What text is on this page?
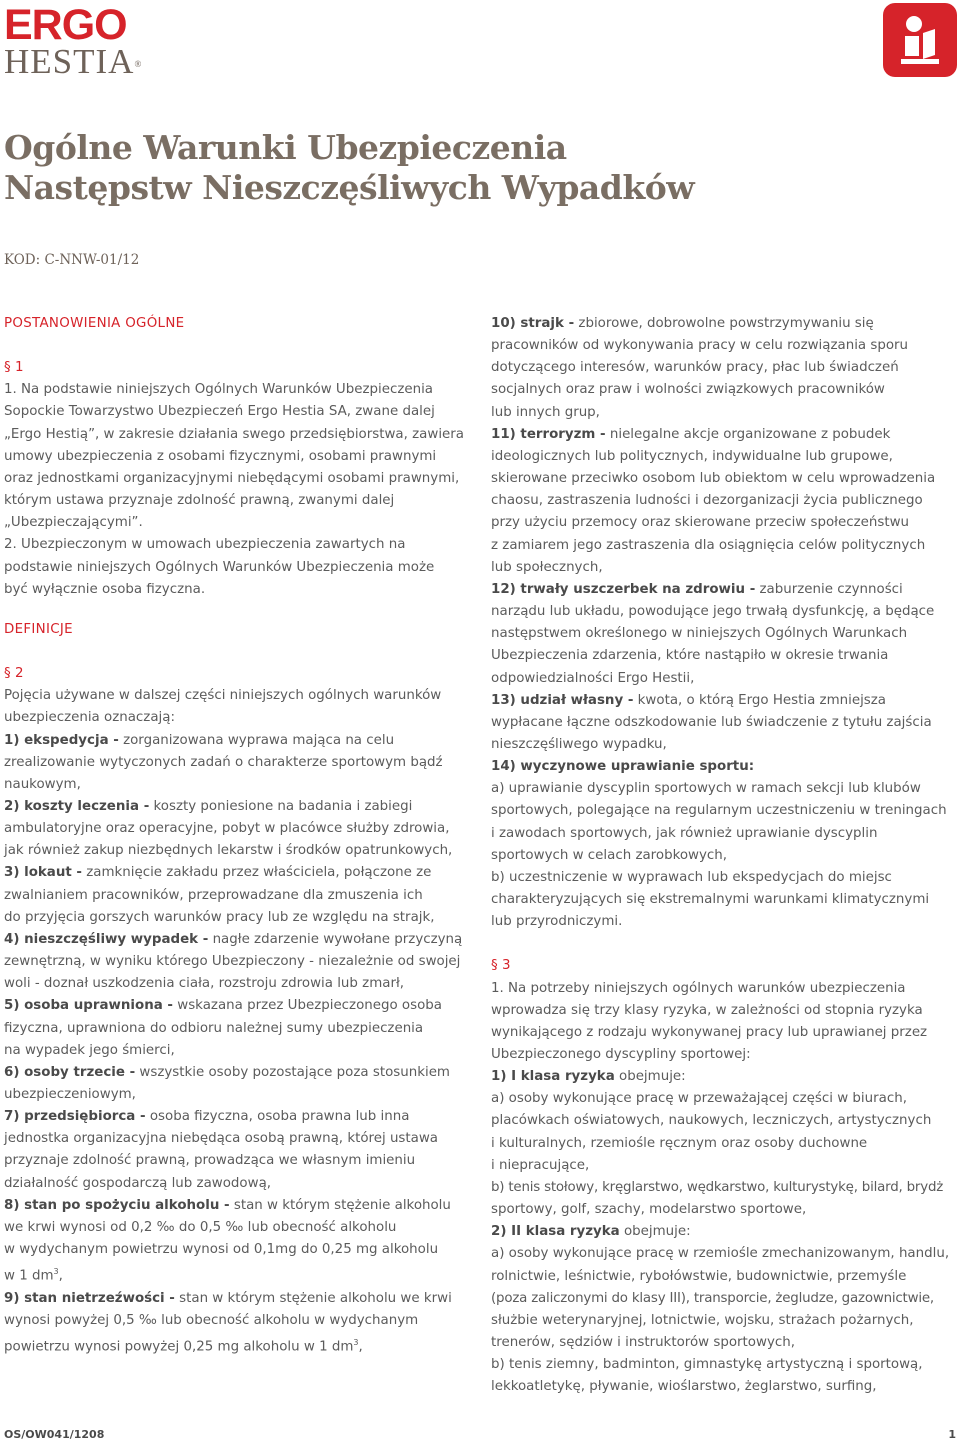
ERGO
HESTIA®
Ogólne Warunki Ubezpieczenia
Następstw Nieszczęśliwych Wypadków
KOD: C-NNW-01/12

POSTANOWIENIA OGÓLNE

§ 1

1. Na podstawie niniejszych Ogólnych Warunków Ubezpieczenia

Sopockie Towarzystwo Ubezpieczeń Ergo Hestia SA, zwane dalej

„Ergo Hestią”, w zakresie działania swego przedsiębiorstwa, zawiera

umowy ubezpieczenia z osobami fizycznymi, osobami prawnymi

oraz jednostkami organizacyjnymi niebędącymi osobami prawnymi,

którym ustawa przyznaje zdolność prawną, zwanymi dalej

„Ubezpieczającymi”.

2. Ubezpieczonym w umowach ubezpieczenia zawartych na

podstawie niniejszych Ogólnych Warunków Ubezpieczenia może

być wyłącznie osoba fizyczna.

DEFINICJE

§ 2

Pojęcia używane w dalszej części niniejszych ogólnych warunków

ubezpieczenia oznaczają:

1) ekspedycja - zorganizowana wyprawa mająca na celu

zrealizowanie wytyczonych zadań o charakterze sportowym bądź

naukowym,

2) koszty leczenia - koszty poniesione na badania i zabiegi

ambulatoryjne oraz operacyjne, pobyt w placówce służby zdrowia,

jak również zakup niezbędnych lekarstw i środków opatrunkowych,

3) lokaut - zamknięcie zakładu przez właściciela, połączone ze

zwalnianiem pracowników, przeprowadzane dla zmuszenia ich

do przyjęcia gorszych warunków pracy lub ze względu na strajk,

4) nieszczęśliwy wypadek - nagłe zdarzenie wywołane przyczyną

zewnętrzną, w wyniku którego Ubezpieczony - niezależnie od swojej

woli - doznał uszkodzenia ciała, rozstroju zdrowia lub zmarł,

5) osoba uprawniona - wskazana przez Ubezpieczonego osoba

fizyczna, uprawniona do odbioru należnej sumy ubezpieczenia

na wypadek jego śmierci,

6) osoby trzecie - wszystkie osoby pozostające poza stosunkiem

ubezpieczeniowym,

7) przedsiębiorca - osoba fizyczna, osoba prawna lub inna

jednostka organizacyjna niebędąca osobą prawną, której ustawa

przyznaje zdolność prawną, prowadząca we własnym imieniu

działalność gospodarczą lub zawodową,

8) stan po spożyciu alkoholu - stan w którym stężenie alkoholu

we krwi wynosi od 0,2 ‰ do 0,5 ‰ lub obecność alkoholu

w wydychanym powietrzu wynosi od 0,1mg do 0,25 mg alkoholu

w 1 $dm^3$,

9) stan nietrzeźwości - stan w którym stężenie alkoholu we krwi

wynosi powyżej 0,5 ‰ lub obecność alkoholu w wydychanym

powietrzu wynosi powyżej 0,25 mg alkoholu w 1 $dm^3$,

10) strajk - zbiorowe, dobrowolne powstrzymywaniu się

pracowników od wykonywania pracy w celu rozwiązania sporu

dotyczącego interesów, warunków pracy, płac lub świadczeń

socjalnych oraz praw i wolności związkowych pracowników

lub innych grup,

11) terroryzm - nielegalne akcje organizowane z pobudek

ideologicznych lub politycznych, indywidualne lub grupowe,

skierowane przeciwko osobom lub obiektom w celu wprowadzenia

chaosu, zastraszenia ludności i dezorganizacji życia publicznego

przy użyciu przemocy oraz skierowane przeciw społeczeństwu

z zamiarem jego zastraszenia dla osiągnięcia celów politycznych

lub społecznych,

12) trwały uszczerbek na zdrowiu - zaburzenie czynności

narządu lub układu, powodujące jego trwałą dysfunkcję, a będące

następstwem określonego w niniejszych Ogólnych Warunkach

Ubezpieczenia zdarzenia, które nastąpiło w okresie trwania

odpowiedzialności Ergo Hestii,

13) udział własny - kwota, o którą Ergo Hestia zmniejsza

wypłacane łączne odszkodowanie lub świadczenie z tytułu zajścia

nieszczęśliwego wypadku,

14) wyczynowe uprawianie sportu:

a) uprawianie dyscyplin sportowych w ramach sekcji lub klubów

sportowych, polegające na regularnym uczestniczeniu w treningach

i zawodach sportowych, jak również uprawianie dyscyplin

sportowych w celach zarobkowych,

b) uczestniczenie w wyprawach lub ekspedycjach do miejsc

charakteryzujących się ekstremalnymi warunkami klimatycznymi

lub przyrodniczymi.

§ 3

1. Na potrzeby niniejszych ogólnych warunków ubezpieczenia

wprowadza się trzy klasy ryzyka, w zależności od stopnia ryzyka

wynikającego z rodzaju wykonywanej pracy lub uprawianej przez

Ubezpieczonego dyscypliny sportowej:

1) I klasa ryzyka obejmuje:

a) osoby wykonujące pracę w przeważającej części w biurach,

placówkach oświatowych, naukowych, leczniczych, artystycznych

i kulturalnych, rzemiośle ręcznym oraz osoby duchowne

i niepracujące,

b) tenis stołowy, kręglarstwo, wędkarstwo, kulturystykę, bilard, brydż

sportowy, golf, szachy, modelarstwo sportowe,

2) II klasa ryzyka obejmuje:

a) osoby wykonujące pracę w rzemiośle zmechanizowanym, handlu,

rolnictwie, leśnictwie, rybołówstwie, budownictwie, przemyśle

(poza zaliczonymi do klasy III), transporcie, żegludze, gazownictwie,

służbie weterynaryjnej, lotnictwie, wojsku, strażach pożarnych,

trenerów, sędziów i instruktorów sportowych,

b) tenis ziemny, badminton, gimnastykę artystyczną i sportową,

lekkoatletykę, pływanie, wioślarstwo, żeglarstwo, surfing,

OS/OW041/1208	1
